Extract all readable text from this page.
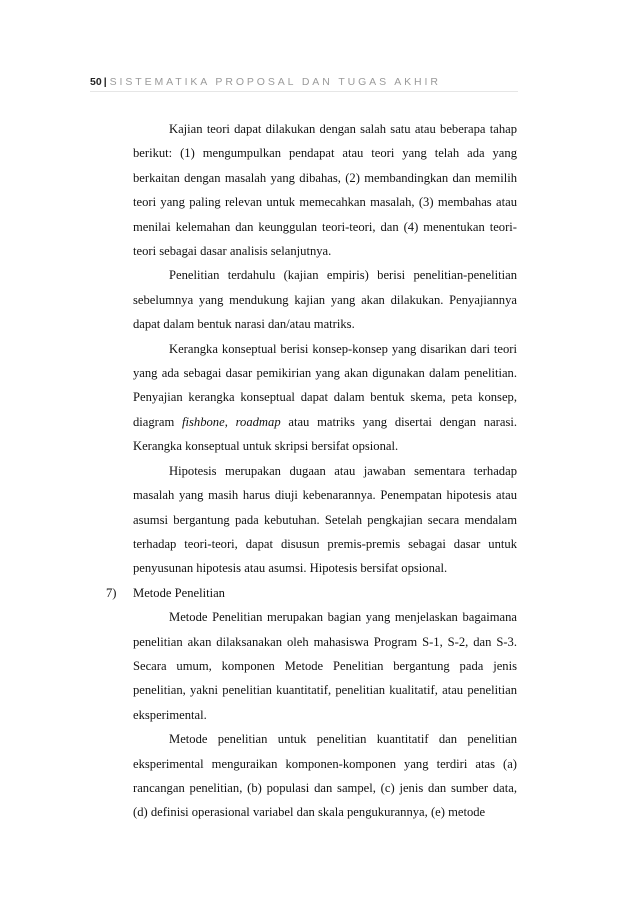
50 | SISTEMATIKA PROPOSAL DAN TUGAS AKHIR

Kajian teori dapat dilakukan dengan salah satu atau beberapa tahap berikut: (1) mengumpulkan pendapat atau teori yang telah ada yang berkaitan dengan masalah yang dibahas, (2) membandingkan dan memilih teori yang paling relevan untuk memecahkan masalah, (3) membahas atau menilai kelemahan dan keunggulan teori-teori, dan (4) menentukan teori-teori sebagai dasar analisis selanjutnya.

Penelitian terdahulu (kajian empiris) berisi penelitian-penelitian sebelumnya yang mendukung kajian yang akan dilakukan. Penyajiannya dapat dalam bentuk narasi dan/atau matriks.

Kerangka konseptual berisi konsep-konsep yang disarikan dari teori yang ada sebagai dasar pemikirian yang akan digunakan dalam penelitian. Penyajian kerangka konseptual dapat dalam bentuk skema, peta konsep, diagram fishbone, roadmap atau matriks yang disertai dengan narasi. Kerangka konseptual untuk skripsi bersifat opsional.

Hipotesis merupakan dugaan atau jawaban sementara terhadap masalah yang masih harus diuji kebenarannya. Penempatan hipotesis atau asumsi bergantung pada kebutuhan. Setelah pengkajian secara mendalam terhadap teori-teori, dapat disusun premis-premis sebagai dasar untuk penyusunan hipotesis atau asumsi. Hipotesis bersifat opsional.

7) Metode Penelitian

Metode Penelitian merupakan bagian yang menjelaskan bagaimana penelitian akan dilaksanakan oleh mahasiswa Program S-1, S-2, dan S-3. Secara umum, komponen Metode Penelitian bergantung pada jenis penelitian, yakni penelitian kuantitatif, penelitian kualitatif, atau penelitian eksperimental.

Metode penelitian untuk penelitian kuantitatif dan penelitian eksperimental menguraikan komponen-komponen yang terdiri atas (a) rancangan penelitian, (b) populasi dan sampel, (c) jenis dan sumber data, (d) definisi operasional variabel dan skala pengukurannya, (e) metode
